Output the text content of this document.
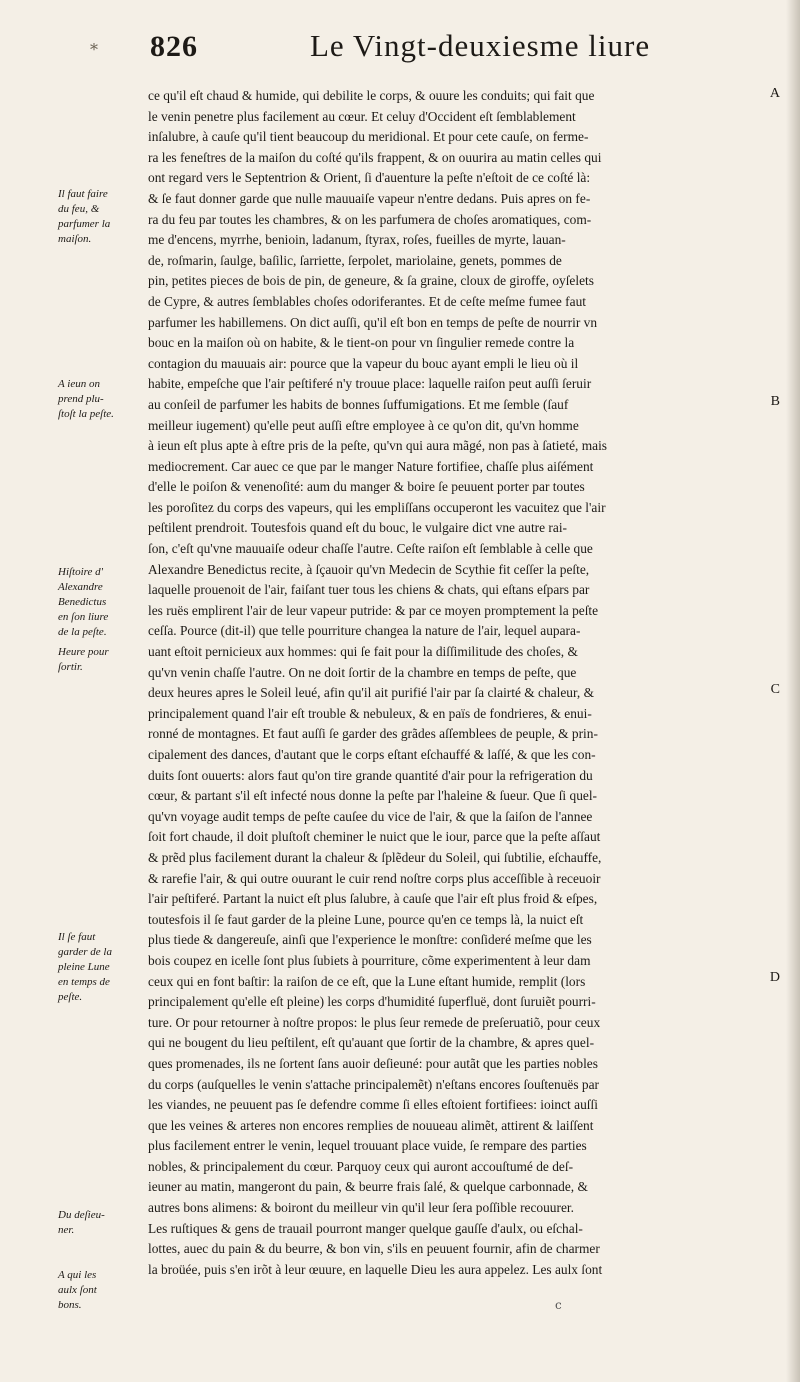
* 826	Le Vingt-deuxiesme liure
ce qu'il eſt chaud & humide, qui debilite le corps, & ouure les conduits; qui fait que
le venin penetre plus facilement au cœur. Et celuy d'Occident eſt ſemblablement
inſalubre, à cauſe qu'il tient beaucoup du meridional. Et pour cete cauſe, on ferme-
ra les feneſtres de la maiſon du coſté qu'ils frappent, & on ouurira au matin celles qui
ont regard vers le Septentrion & Orient, ſi d'auenture la peſte n'eſtoit de ce coſté là:
& ſe faut donner garde que nulle mauuaiſe vapeur n'entre dedans. Puis apres on fe-
ra du feu par toutes les chambres, & on les parfumera de choſes aromatiques, com-
me d'encens, myrrhe, benioin, ladanum, ſtyrax, roſes, fueilles de myrte, lauan-
de, roſmarin, ſaulge, baſilic, ſarriette, ſerpolet, mariolaine, genets, pommes de
pin, petites pieces de bois de pin, de geneure, & ſa graine, cloux de giroffe, oyſelets
de Cypre, & autres ſemblables choſes odoriferantes. Et de ceſte meſme fumee faut
parfumer les habillemens. On dict auſſi, qu'il eſt bon en temps de peſte de nourrir vn
bouc en la maiſon où on habite, & le tient-on pour vn ſingulier remede contre la
contagion du mauuais air: pource que la vapeur du bouc ayant empli le lieu où il
habite, empeſche que l'air peſtiferé n'y trouue place: laquelle raiſon peut auſſi ſeruir
au conſeil de parfumer les habits de bonnes ſuffumigations. Et me ſemble (ſauf
meilleur iugement) qu'elle peut auſſi eſtre employee à ce qu'on dit, qu'vn homme
à ieun eſt plus apte à eſtre pris de la peſte, qu'vn qui aura mãgé, non pas à ſatieté, mais
mediocrement. Car auec ce que par le manger Nature fortifiee, chaſſe plus aiſément
d'elle le poiſon & venenoſité: aum du manger & boire ſe peuuent porter par toutes
les poroſitez du corps des vapeurs, qui les empliſſans occuperont les vacuitez que l'air
peſtilent prendroit. Toutesfois quand eſt du bouc, le vulgaire dict vne autre rai-
ſon, c'eſt qu'vne mauuaiſe odeur chaſſe l'autre. Ceſte raiſon eſt ſemblable à celle que
Alexandre Benedictus recite, à ſçauoir qu'vn Medecin de Scythie fit ceſſer la peſte,
laquelle prouenoit de l'air, faiſant tuer tous les chiens & chats, qui eſtans eſpars par
les ruës emplirent l'air de leur vapeur putride: & par ce moyen promptement la peſte
ceſſa. Pource (dit-il) que telle pourriture changea la nature de l'air, lequel aupara-
uant eſtoit pernicieux aux hommes: qui ſe fait pour la diſſimilitude des choſes, &
qu'vn venin chaſſe l'autre. On ne doit ſortir de la chambre en temps de peſte, que
deux heures apres le Soleil leué, afin qu'il ait purifié l'air par ſa clairté & chaleur, &
principalement quand l'air eſt trouble & nebuleux, & en païs de fondrieres, & enui-
ronné de montagnes. Et faut auſſi ſe garder des grãdes aſſemblees de peuple, & prin-
cipalement des dances, d'autant que le corps eſtant eſchauffé & laſſé, & que les con-
duits ſont ouuerts: alors faut qu'on tire grande quantité d'air pour la refrigeration du
cœur, & partant s'il eſt infecté nous donne la peſte par l'haleine & ſueur. Que ſi quel-
qu'vn voyage audit temps de peſte cauſee du vice de l'air, & que la ſaiſon de l'annee
ſoit fort chaude, il doit pluſtoſt cheminer le nuict que le iour, parce que la peſte aſſaut
& prẽd plus facilement durant la chaleur & ſplẽdeur du Soleil, qui ſubtilie, eſchauffe,
& rarefie l'air, & qui outre ouurant le cuir rend noſtre corps plus acceſſible à receuoir
l'air peſtiferé. Partant la nuict eſt plus ſalubre, à cauſe que l'air eſt plus froid & eſpes,
toutesfois il ſe faut garder de la pleine Lune, pource qu'en ce temps là, la nuict eſt
plus tiede & dangereuſe, ainſi que l'experience le monſtre: conſideré meſme que les
bois coupez en icelle ſont plus ſubiets à pourriture, cõme experimentent à leur dam
ceux qui en font baſtir: la raiſon de ce eſt, que la Lune eſtant humide, remplit (lors
principalement qu'elle eſt pleine) les corps d'humidité ſuperfluë, dont ſuruiẽt pourri-
ture. Or pour retourner à noſtre propos: le plus ſeur remede de preſeruatiõ, pour ceux
qui ne bougent du lieu peſtilent, eſt qu'auant que ſortir de la chambre, & apres quel-
ques promenades, ils ne ſortent ſans auoir deſieuné: pour autãt que les parties nobles
du corps (auſquelles le venin s'attache principalemẽt) n'eſtans encores ſouſtenuës par
les viandes, ne peuuent pas ſe defendre comme ſi elles eſtoient fortifiees: ioinct auſſi
que les veines & arteres non encores remplies de nouueau alimẽt, attirent & laiſſent
plus facilement entrer le venin, lequel trouuant place vuide, ſe rempare des parties
nobles, & principalement du cœur. Parquoy ceux qui auront accouſtumé de deſ-
ieuner au matin, mangeront du pain, & beurre frais ſalé, & quelque carbonnade, &
autres bons alimens: & boiront du meilleur vin qu'il leur ſera poſſible recouurer.
Les ruſtiques & gens de trauail pourront manger quelque gauſſe d'aulx, ou eſchal-
lottes, auec du pain & du beurre, & bon vin, s'ils en peuuent fournir, afin de charmer
la broüée, puis s'en irõt à leur œuure, en laquelle Dieu les aura appelez. Les aulx ſont
Il faut faire
du feu, &
parfumer la
maiſon.
A ieun on
prend plu-
ſtoſt la peſte.
Hiſtoire d'
Alexandre
Benedictus
en ſon liure
de la peſte.
Heure pour
ſortir.
Il ſe faut
garder de la
pleine Lune
en temps de
peſte.
Du deſieu-
ner.
A qui les
aulx ſont
bons.
A
B
C
D
c
